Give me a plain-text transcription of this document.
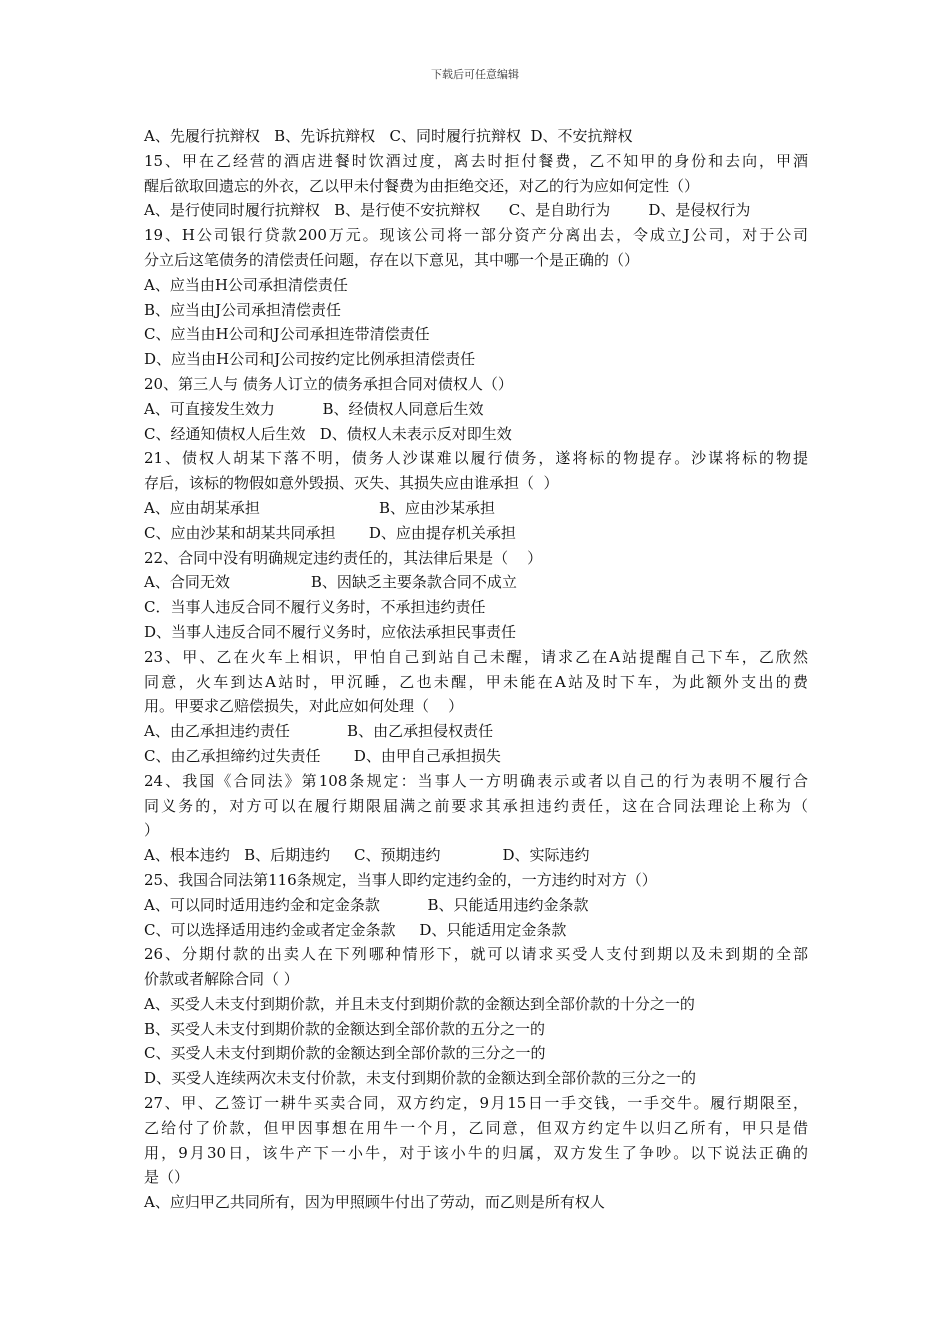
下载后可任意编辑
A、先履行抗辩权   B、先诉抗辩权   C、同时履行抗辩权  D、不安抗辩权
15、甲在乙经营的酒店进餐时饮酒过度，离去时拒付餐费，乙不知甲的身份和去向，甲酒
醒后欲取回遗忘的外衣，乙以甲未付餐费为由拒绝交还，对乙的行为应如何定性（）
A、是行使同时履行抗辩权   B、是行使不安抗辩权      C、是自助行为        D、是侵权行为
19、H公司银行贷款200万元。现该公司将一部分资产分离出去，令成立J公司，对于公司
分立后这笔债务的清偿责任问题，存在以下意见，其中哪一个是正确的（）
A、应当由H公司承担清偿责任
B、应当由J公司承担清偿责任
C、应当由H公司和J公司承担连带清偿责任
D、应当由H公司和J公司按约定比例承担清偿责任
20、第三人与 债务人订立的债务承担合同对债权人（）
A、可直接发生效力          B、经债权人同意后生效
C、经通知债权人后生效   D、债权人未表示反对即生效
21、债权人胡某下落不明，债务人沙谋难以履行债务，遂将标的物提存。沙谋将标的物提
存后，该标的物假如意外毁损、灭失、其损失应由谁承担（  ）
A、应由胡某承担                         B、应由沙某承担
C、应由沙某和胡某共同承担       D、应由提存机关承担
22、合同中没有明确规定违约责任的，其法律后果是（    ）
A、合同无效                 B、因缺乏主要条款合同不成立
C．当事人违反合同不履行义务时，不承担违约责任
D、当事人违反合同不履行义务时，应依法承担民事责任
23、甲、乙在火车上相识，甲怕自己到站自己未醒，请求乙在A站提醒自己下车，乙欣然
同意，火车到达A站时，甲沉睡，乙也未醒，甲未能在A站及时下车，为此额外支出的费
用。甲要求乙赔偿损失，对此应如何处理（    ）
A、由乙承担违约责任            B、由乙承担侵权责任
C、由乙承担缔约过失责任       D、由甲自己承担损失
24、我国《合同法》第108条规定：当事人一方明确表示或者以自己的行为表明不履行合
同义务的，对方可以在履行期限届满之前要求其承担违约责任，这在合同法理论上称为（
）
A、根本违约   B、后期违约     C、预期违约             D、实际违约
25、我国合同法第116条规定，当事人即约定违约金的，一方违约时对方（）
A、可以同时适用违约金和定金条款          B、只能适用违约金条款
C、可以选择适用违约金或者定金条款     D、只能适用定金条款
26、分期付款的出卖人在下列哪种情形下，就可以请求买受人支付到期以及未到期的全部
价款或者解除合同（ ）
A、买受人未支付到期价款，并且未支付到期价款的金额达到全部价款的十分之一的
B、买受人未支付到期价款的金额达到全部价款的五分之一的
C、买受人未支付到期价款的金额达到全部价款的三分之一的
D、买受人连续两次未支付价款，未支付到期价款的金额达到全部价款的三分之一的
27、甲、乙签订一耕牛买卖合同，双方约定，9月15日一手交钱，一手交牛。履行期限至，
乙给付了价款，但甲因事想在用牛一个月，乙同意，但双方约定牛以归乙所有，甲只是借
用，9月30日，该牛产下一小牛，对于该小牛的归属，双方发生了争吵。以下说法正确的
是（）
A、应归甲乙共同所有，因为甲照顾牛付出了劳动，而乙则是所有权人
